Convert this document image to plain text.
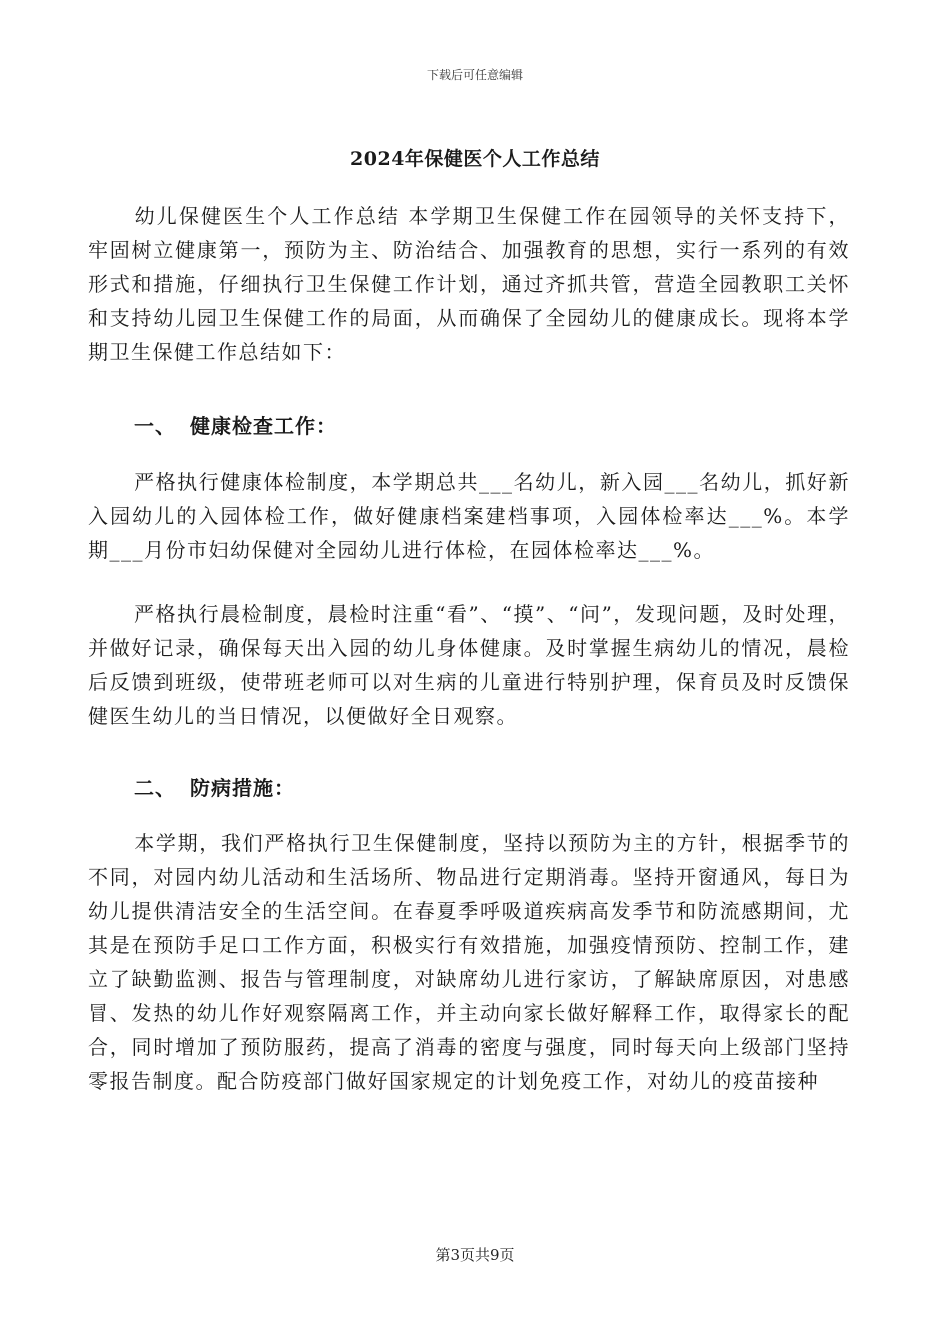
下载后可任意编辑
2024年保健医个人工作总结
幼儿保健医生个人工作总结 本学期卫生保健工作在园领导的关怀支持下，牢固树立健康第一，预防为主、防治结合、加强教育的思想，实行一系列的有效形式和措施，仔细执行卫生保健工作计划，通过齐抓共管，营造全园教职工关怀和支持幼儿园卫生保健工作的局面，从而确保了全园幼儿的健康成长。现将本学期卫生保健工作总结如下：
一、 健康检查工作：
严格执行健康体检制度，本学期总共___名幼儿，新入园___名幼儿，抓好新入园幼儿的入园体检工作，做好健康档案建档事项，入园体检率达___%。本学期___月份市妇幼保健对全园幼儿进行体检，在园体检率达___%。
严格执行晨检制度，晨检时注重“看”、“摸”、“问”，发现问题，及时处理，并做好记录，确保每天出入园的幼儿身体健康。及时掌握生病幼儿的情况，晨检后反馈到班级，使带班老师可以对生病的儿童进行特别护理，保育员及时反馈保健医生幼儿的当日情况，以便做好全日观察。
二、 防病措施：
本学期，我们严格执行卫生保健制度，坚持以预防为主的方针，根据季节的不同，对园内幼儿活动和生活场所、物品进行定期消毒。坚持开窗通风，每日为幼儿提供清洁安全的生活空间。在春夏季呼吸道疾病高发季节和防流感期间，尤其是在预防手足口工作方面，积极实行有效措施，加强疫情预防、控制工作，建立了缺勤监测、报告与管理制度，对缺席幼儿进行家访，了解缺席原因，对患感冒、发热的幼儿作好观察隔离工作，并主动向家长做好解释工作，取得家长的配合，同时增加了预防服药，提高了消毒的密度与强度，同时每天向上级部门坚持零报告制度。配合防疫部门做好国家规定的计划免疫工作，对幼儿的疫苗接种
第3页共9页
